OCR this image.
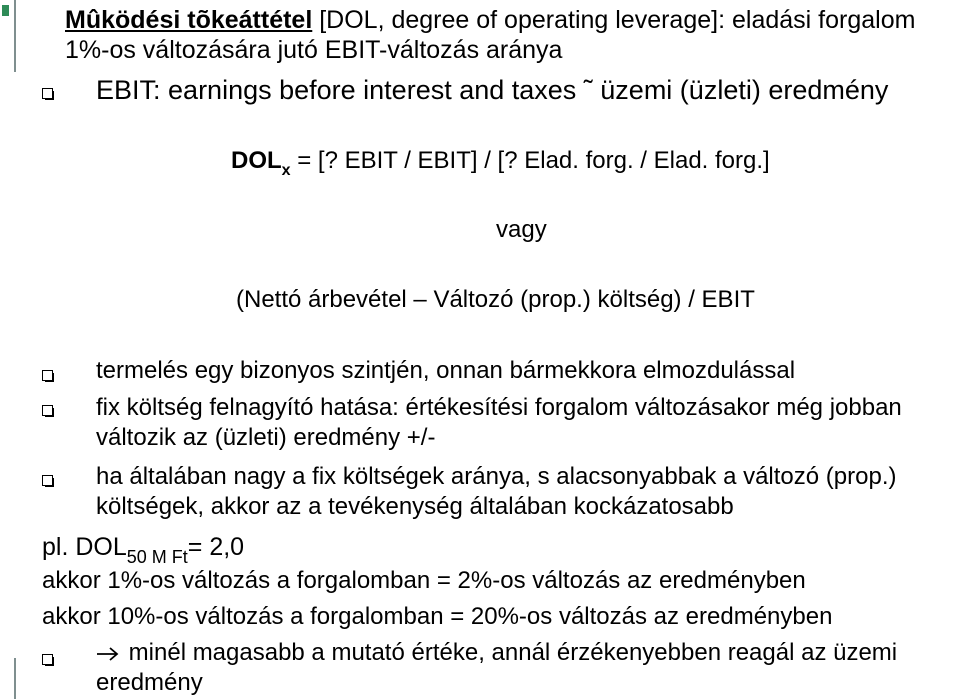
Mûködési tõkeáttétel [DOL, degree of operating leverage]: eladási forgalom 1%-os változására jutó EBIT-változás aránya
EBIT: earnings before interest and taxes ˜ üzemi (üzleti) eredmény
$DOL_x$ = [? EBIT / EBIT] / [? Elad. forg. / Elad. forg.]
vagy
(Nettó árbevétel – Változó (prop.) költség) / EBIT
termelés egy bizonyos szintjén, onnan bármekkora elmozdulással
fix költség felnagyító hatása: értékesítési forgalom változásakor még jobban változik az (üzleti) eredmény +/-
ha általában nagy a fix költségek aránya, s alacsonyabbak a változó (prop.) költségek, akkor az a tevékenység általában kockázatosabb
pl. $DOL_{50 M Ft}= 2,0$
akkor 1%-os változás a forgalomban = 2%-os változás az eredményben
akkor 10%-os változás a forgalomban = 20%-os változás az eredményben
minél magasabb a mutató értéke, annál érzékenyebben reagál az üzemi eredmény
